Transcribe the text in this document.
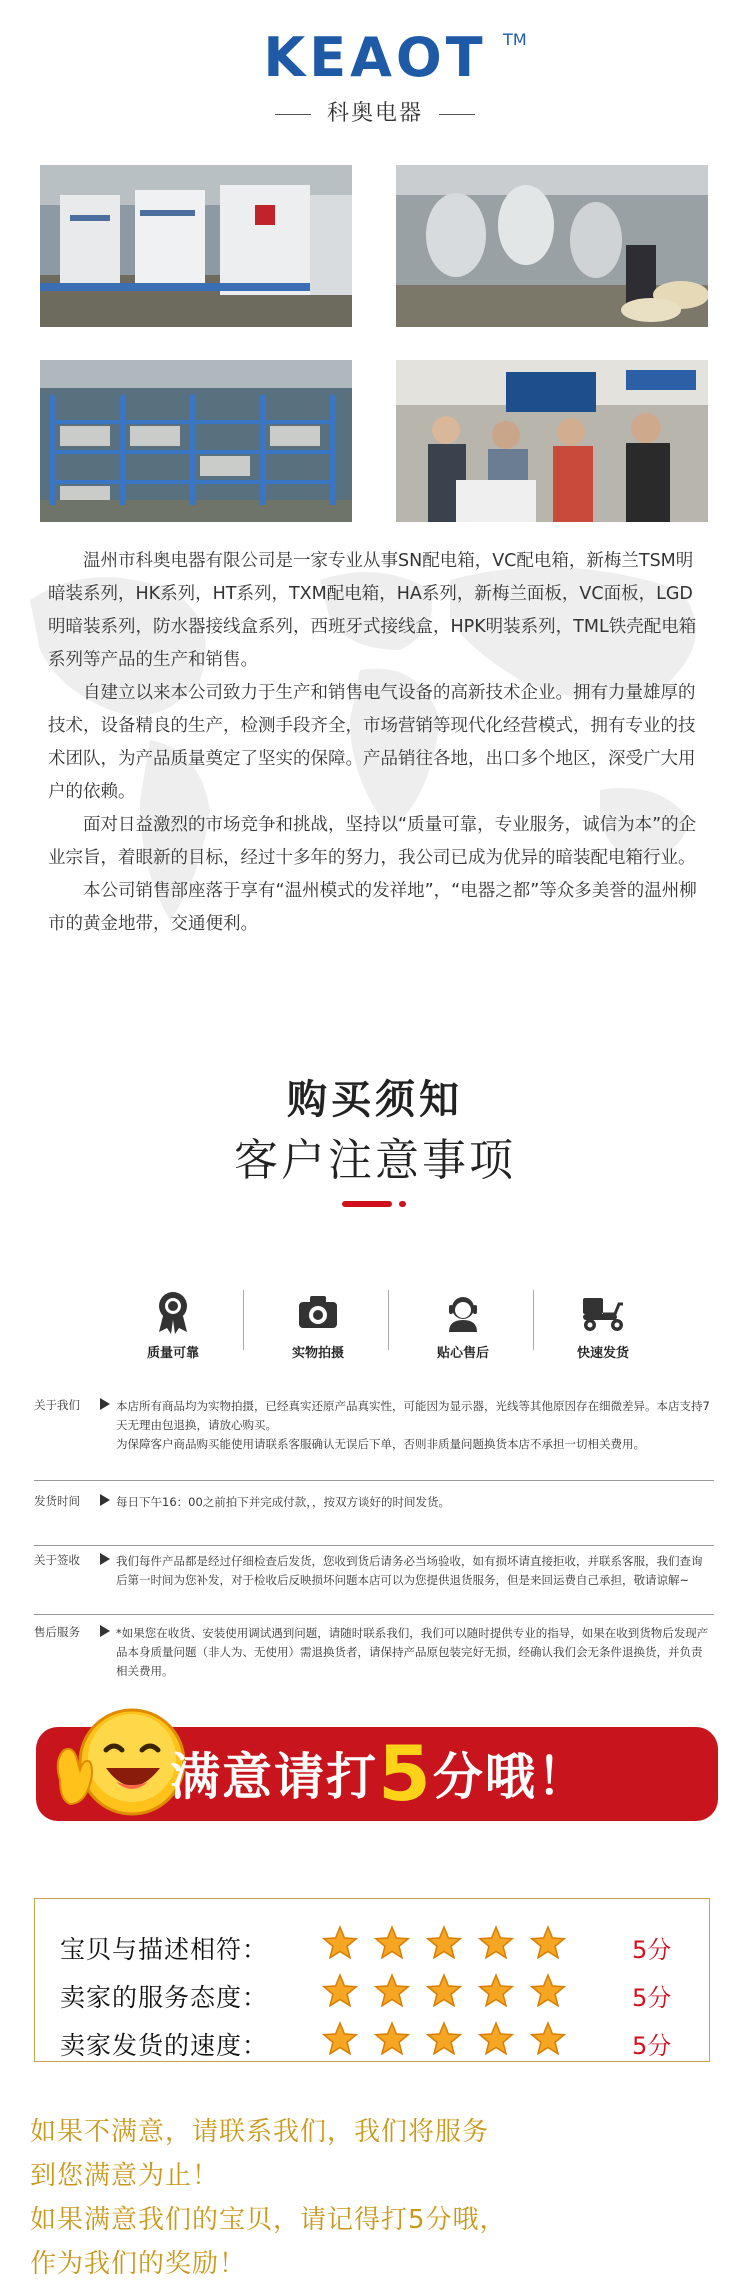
KEAOT TM
科奥电器

温州市科奥电器有限公司是一家专业从事SN配电箱，VC配电箱，新梅兰TSM明暗装系列，HK系列，HT系列，TXM配电箱，HA系列，新梅兰面板，VC面板，LGD明暗装系列，防水器接线盒系列，西班牙式接线盒，HPK明装系列，TML铁壳配电箱系列等产品的生产和销售。

自建立以来本公司致力于生产和销售电气设备的高新技术企业。拥有力量雄厚的技术，设备精良的生产，检测手段齐全，市场营销等现代化经营模式，拥有专业的技术团队，为产品质量奠定了坚实的保障。产品销往各地，出口多个地区，深受广大用户的依赖。

面对日益激烈的市场竞争和挑战，坚持以“质量可靠，专业服务，诚信为本”的企业宗旨，着眼新的目标，经过十多年的努力，我公司已成为优异的暗装配电箱行业。

本公司销售部座落于享有“温州模式的发祥地”，“电器之都”等众多美誉的温州柳市的黄金地带，交通便利。

购买须知
客户注意事项
质量可靠	实物拍摄	贴心售后	快速发货
关于我们	本店所有商品均为实物拍摄，已经真实还原产品真实性，可能因为显示器，光线等其他原因存在细微差异。本店支持7天无理由包退换，请放心购买。
为保障客户商品购买能使用请联系客服确认无误后下单，否则非质量问题换货本店不承担一切相关费用。
发货时间	每日下午16：00之前拍下并完成付款，，按双方谈好的时间发货。
关于签收	我们每件产品都是经过仔细检查后发货，您收到货后请务必当场验收，如有损坏请直接拒收，并联系客服，我们查询后第一时间为您补发，对于检收后反映损坏问题本店可以为您提供退货服务，但是来回运费自己承担，敬请谅解~
售后服务	*如果您在收货、安装使用调试遇到问题，请随时联系我们，我们可以随时提供专业的指导，如果在收到货物后发现产品本身质量问题（非人为、无使用）需退换货者，请保持产品原包装完好无损，经确认我们会无条件退换货，并负责相关费用。
满意请打5分哦！
宝贝与描述相符：	5分
卖家的服务态度：	5分
卖家发货的速度：	5分
如果不满意，请联系我们，我们将服务
到您满意为止！
如果满意我们的宝贝，请记得打5分哦，
作为我们的奖励！
